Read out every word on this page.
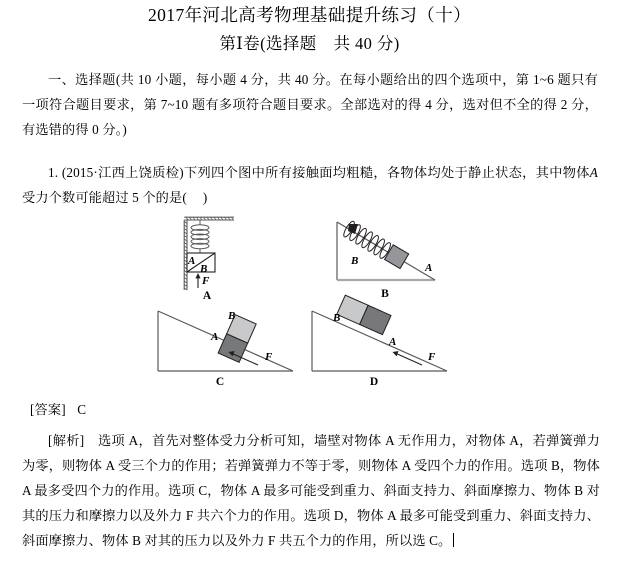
2017年河北高考物理基础提升练习（十）
第Ⅰ卷(选择题　共 40 分)
一、选择题(共 10 小题，每小题 4 分，共 40 分。在每小题给出的四个选项中，第 1~6 题只有一项符合题目要求，第 7~10 题有多项符合题目要求。全部选对的得 4 分，选对但不全的得 2 分，有选错的得 0 分。)
1. (2015·江西上饶质检)下列四个图中所有接触面均粗糙，各物体均处于静止状态，其中物体A受力个数可能超过 5 个的是( )
A
B
F
A
B
A
B
B
A
F
C
B
A
F
D
[答案] C
[解析] 选项 A，首先对整体受力分析可知，墙壁对物体 A 无作用力，对物体 A，若弹簧弹力为零，则物体 A 受三个力的作用；若弹簧弹力不等于零，则物体 A 受四个力的作用。选项 B，物体 A 最多受四个力的作用。选项 C，物体 A 最多可能受到重力、斜面支持力、斜面摩擦力、物体 B 对其的压力和摩擦力以及外力 F 共六个力的作用。选项 D，物体 A 最多可能受到重力、斜面支持力、斜面摩擦力、物体 B 对其的压力以及外力 F 共五个力的作用，所以选 C。
